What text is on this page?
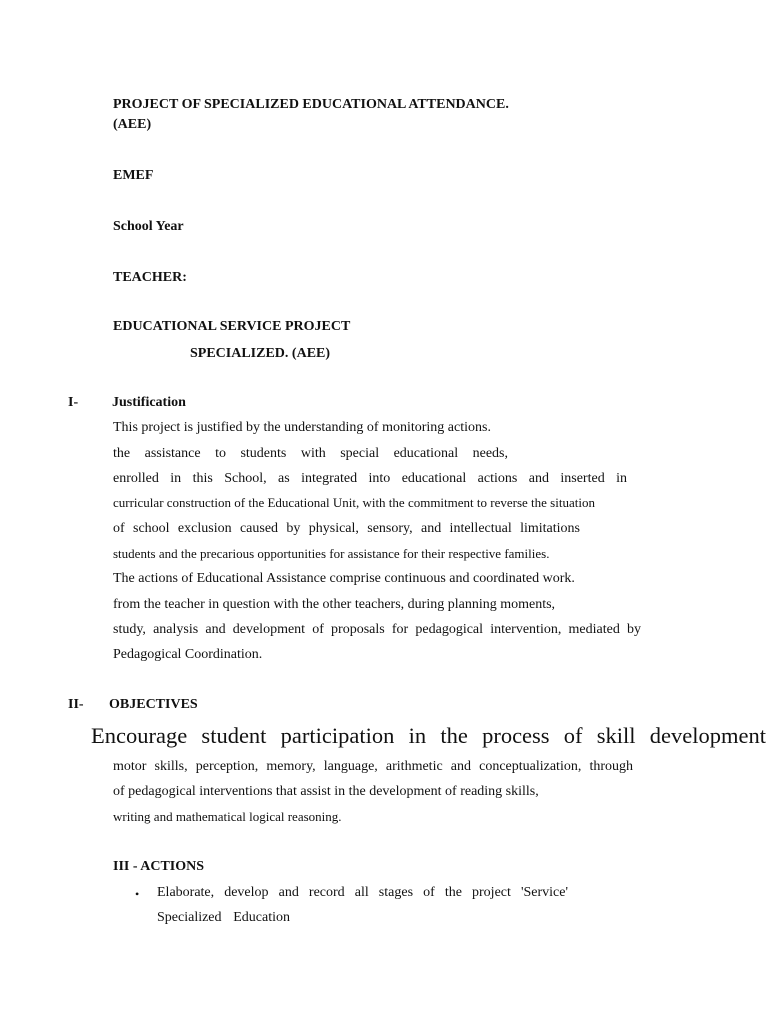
PROJECT OF SPECIALIZED EDUCATIONAL ATTENDANCE.
(AEE)
EMEF
School Year
TEACHER:
EDUCATIONAL SERVICE PROJECT
SPECIALIZED. (AEE)
I- Justification
This project is justified by the understanding of monitoring actions.
the assistance to students with special educational needs,
enrolled in this School, as integrated into educational actions and inserted in
curricular construction of the Educational Unit, with the commitment to reverse the situation
of school exclusion caused by physical, sensory, and intellectual limitations
students and the precarious opportunities for assistance for their respective families.
The actions of Educational Assistance comprise continuous and coordinated work.
from the teacher in question with the other teachers, during planning moments,
study, analysis and development of proposals for pedagogical intervention, mediated by
Pedagogical Coordination.
II- OBJECTIVES
Encourage student participation in the process of skill development
motor skills, perception, memory, language, arithmetic and conceptualization, through
of pedagogical interventions that assist in the development of reading skills,
writing and mathematical logical reasoning.
III - ACTIONS
• Elaborate, develop and record all stages of the project 'Service'
Specialized Education
